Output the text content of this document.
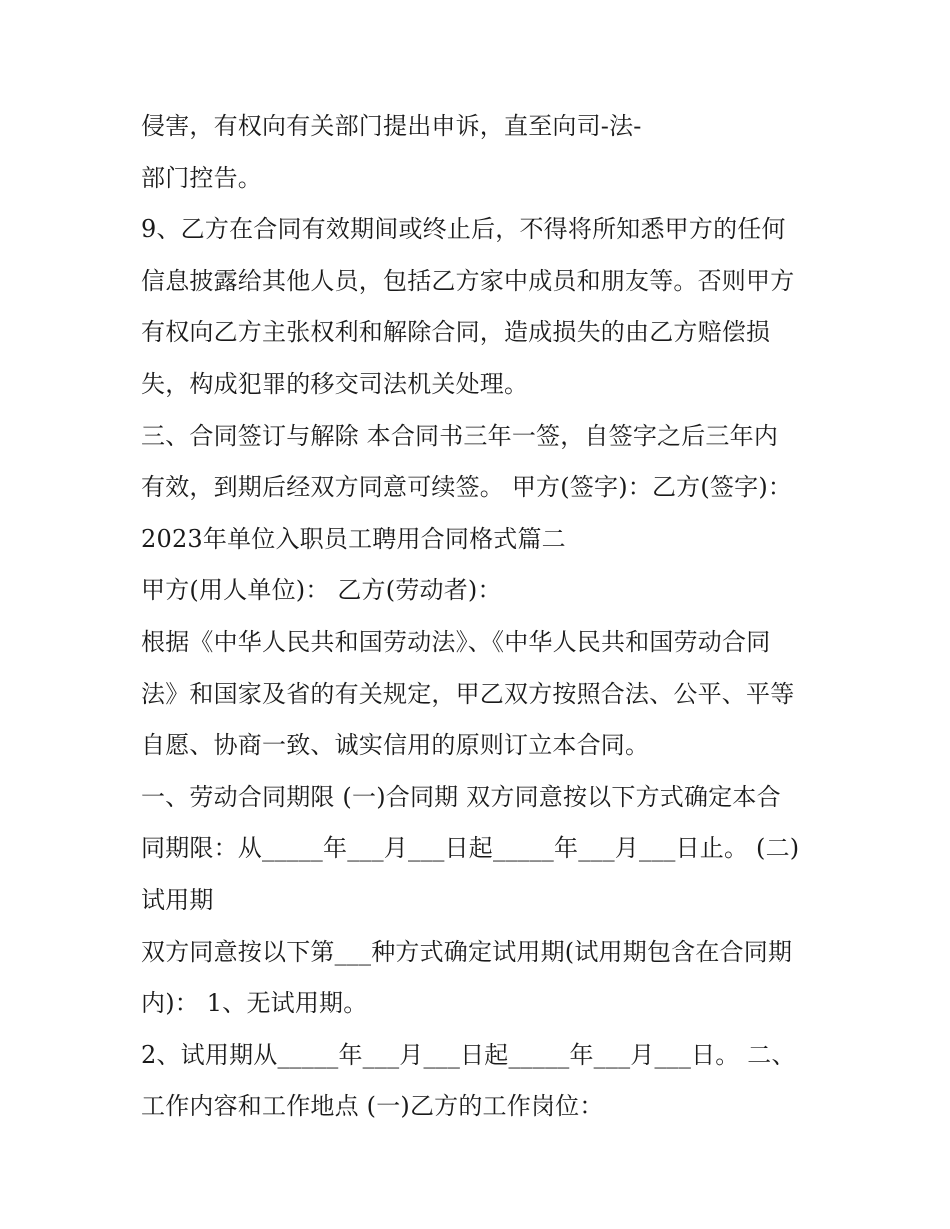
侵害，有权向有关部门提出申诉，直至向司-法-
部门控告。
9、乙方在合同有效期间或终止后，不得将所知悉甲方的任何
信息披露给其他人员，包括乙方家中成员和朋友等。否则甲方
有权向乙方主张权利和解除合同，造成损失的由乙方赔偿损
失，构成犯罪的移交司法机关处理。
三、合同签订与解除 本合同书三年一签，自签字之后三年内
有效，到期后经双方同意可续签。 甲方(签字)：乙方(签字)：
2023年单位入职员工聘用合同格式篇二
甲方(用人单位)： 乙方(劳动者)：
根据《中华人民共和国劳动法》、《中华人民共和国劳动合同
法》和国家及省的有关规定，甲乙双方按照合法、公平、平等
自愿、协商一致、诚实信用的原则订立本合同。
一、劳动合同期限 (一)合同期 双方同意按以下方式确定本合
同期限：从_____年___月___日起_____年___月___日止。 (二)
试用期
双方同意按以下第___种方式确定试用期(试用期包含在合同期
内)： 1、无试用期。
2、试用期从_____年___月___日起_____年___月___日。 二、
工作内容和工作地点 (一)乙方的工作岗位：
